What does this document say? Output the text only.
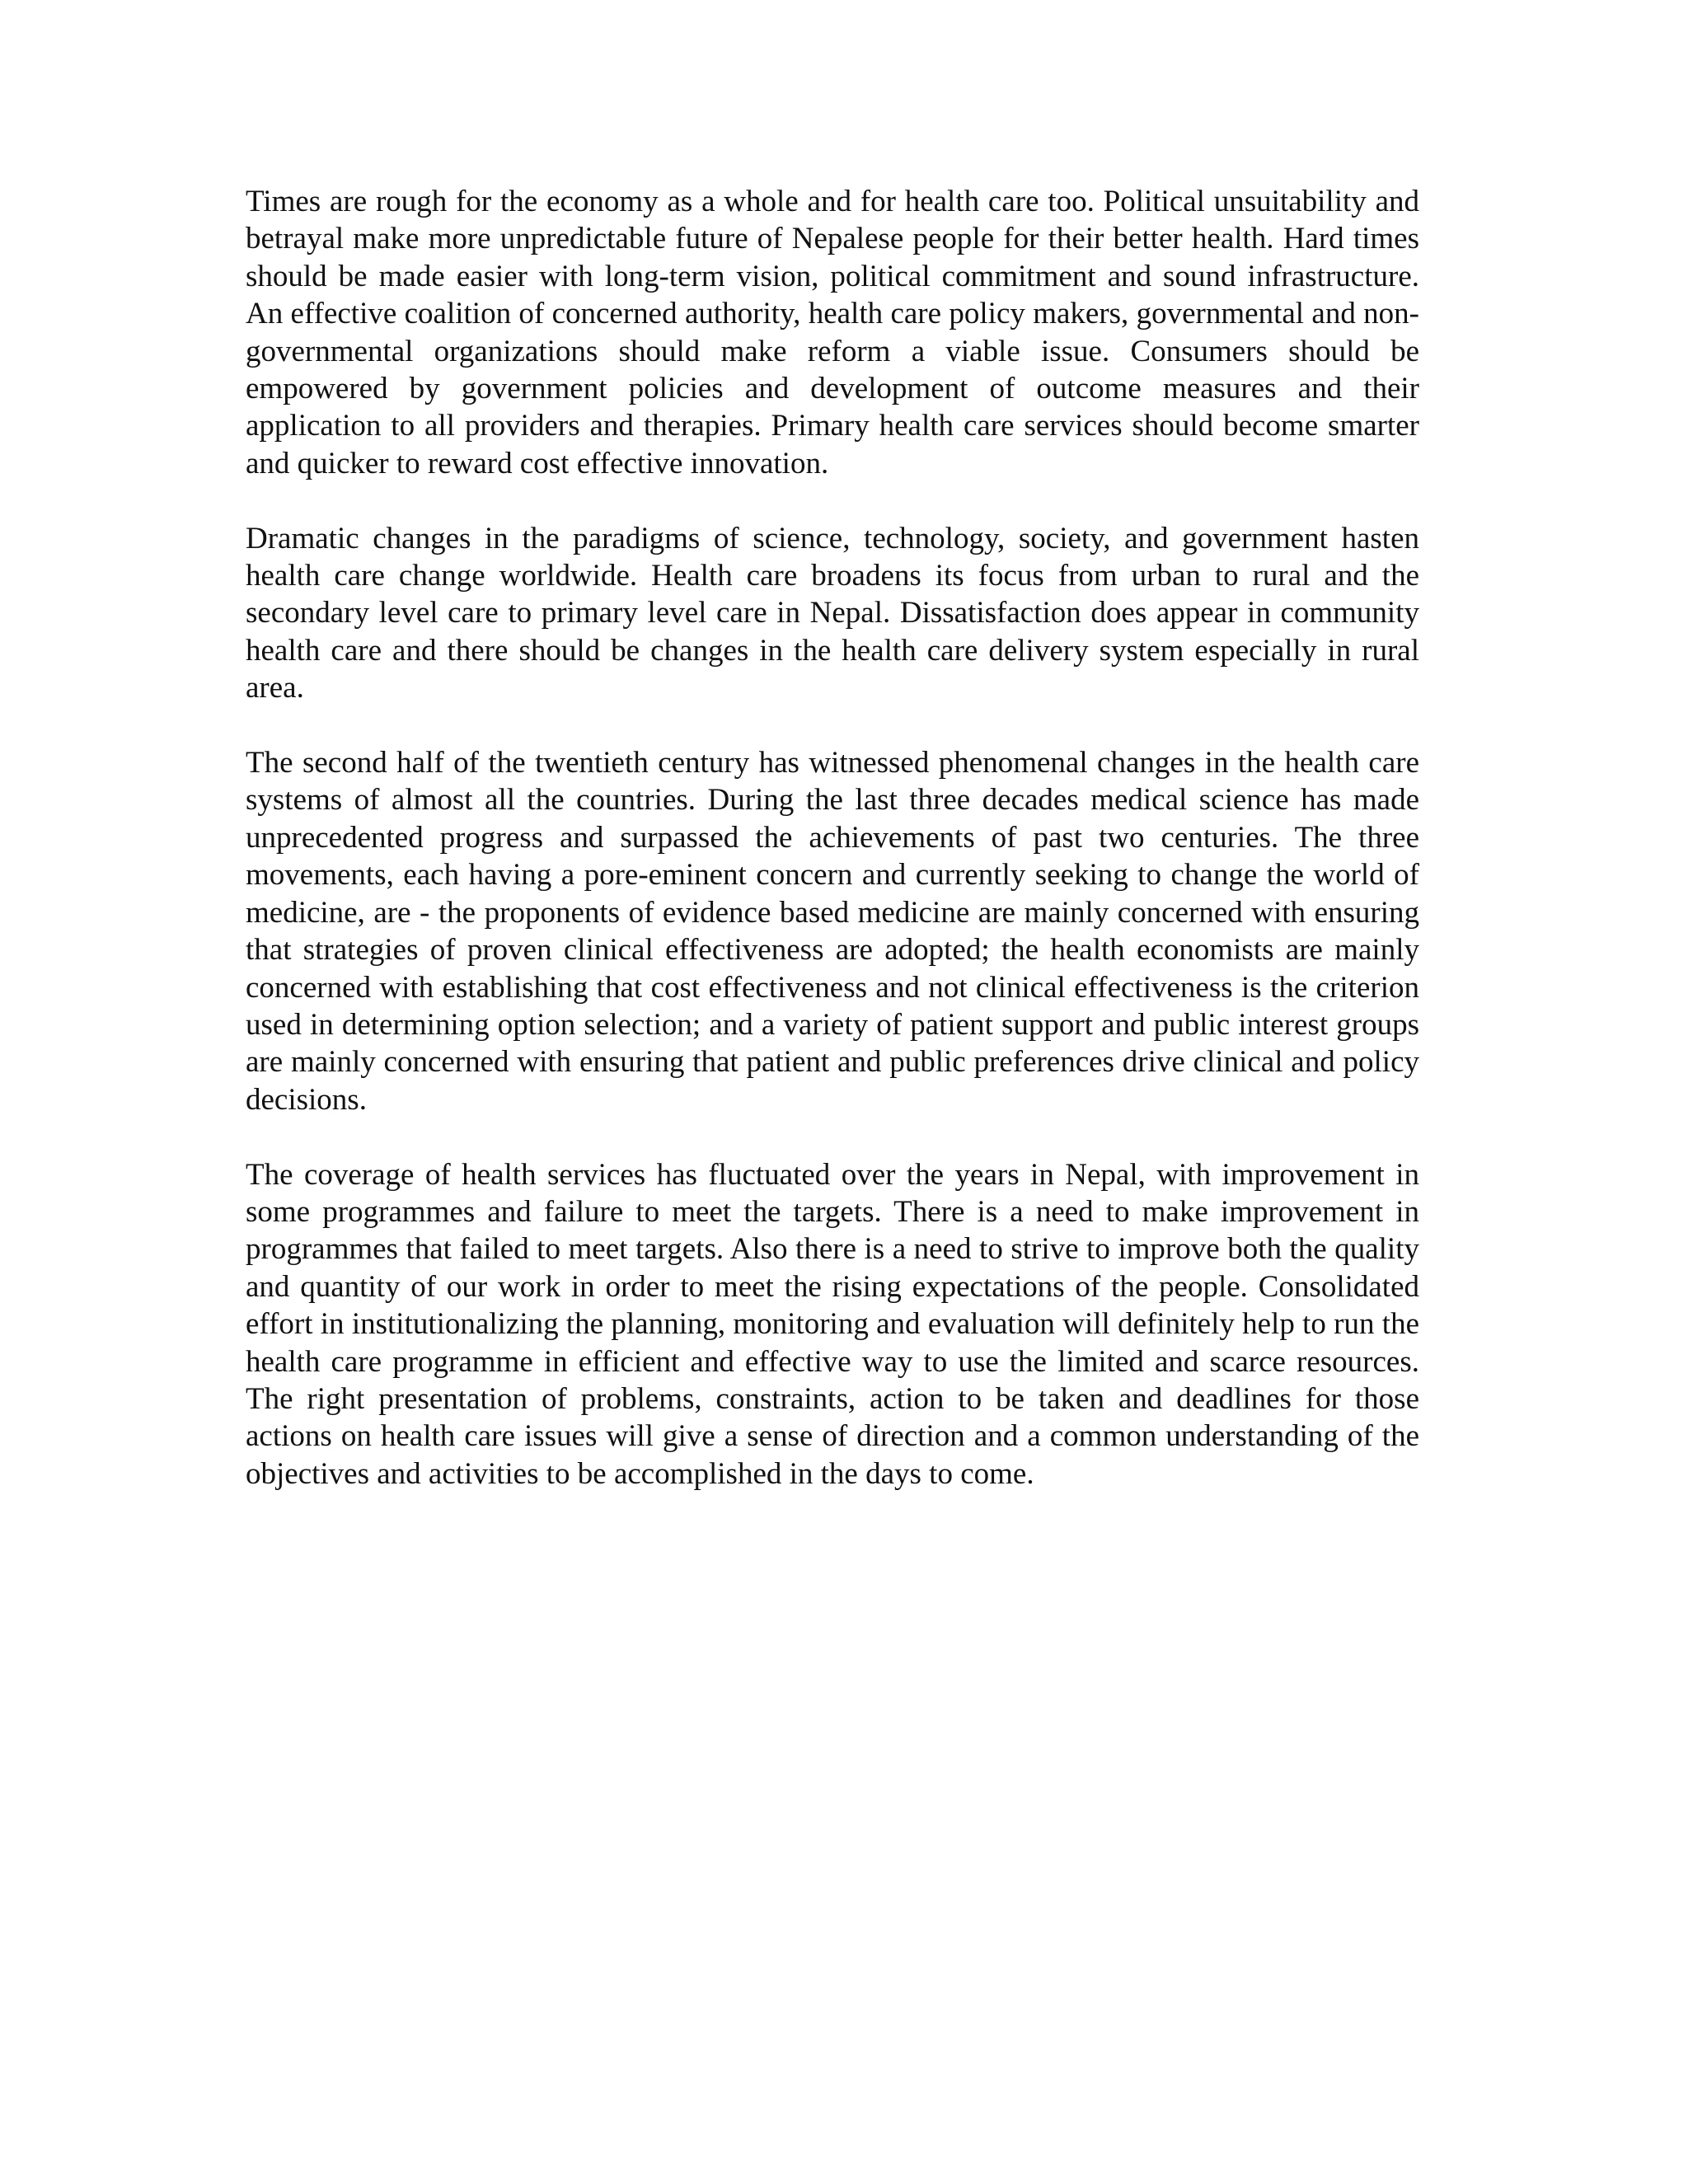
Times are rough for the economy as a whole and for health care too. Political unsuitability and betrayal make more unpredictable future of Nepalese people for their better health. Hard times should be made easier with long-term vision, political commitment and sound infrastructure. An effective coalition of concerned authority, health care policy makers, governmental and non-governmental organizations should make reform a viable issue. Consumers should be empowered by government policies and development of outcome measures and their application to all providers and therapies. Primary health care services should become smarter and quicker to reward cost effective innovation.

Dramatic changes in the paradigms of science, technology, society, and government hasten health care change worldwide. Health care broadens its focus from urban to rural and the secondary level care to primary level care in Nepal. Dissatisfaction does appear in community health care and there should be changes in the health care delivery system especially in rural area.

The second half of the twentieth century has witnessed phenomenal changes in the health care systems of almost all the countries. During the last three decades medical science has made unprecedented progress and surpassed the achievements of past two centuries. The three movements, each having a pore-eminent concern and currently seeking to change the world of medicine, are - the proponents of evidence based medicine are mainly concerned with ensuring that strategies of proven clinical effectiveness are adopted; the health economists are mainly concerned with establishing that cost effectiveness and not clinical effectiveness is the criterion used in determining option selection; and a variety of patient support and public interest groups are mainly concerned with ensuring that patient and public preferences drive clinical and policy decisions.

The coverage of health services has fluctuated over the years in Nepal, with improvement in some programmes and failure to meet the targets. There is a need to make improvement in programmes that failed to meet targets. Also there is a need to strive to improve both the quality and quantity of our work in order to meet the rising expectations of the people. Consolidated effort in institutionalizing the planning, monitoring and evaluation will definitely help to run the health care programme in efficient and effective way to use the limited and scarce resources. The right presentation of problems, constraints, action to be taken and deadlines for those actions on health care issues will give a sense of direction and a common understanding of the objectives and activities to be accomplished in the days to come.
